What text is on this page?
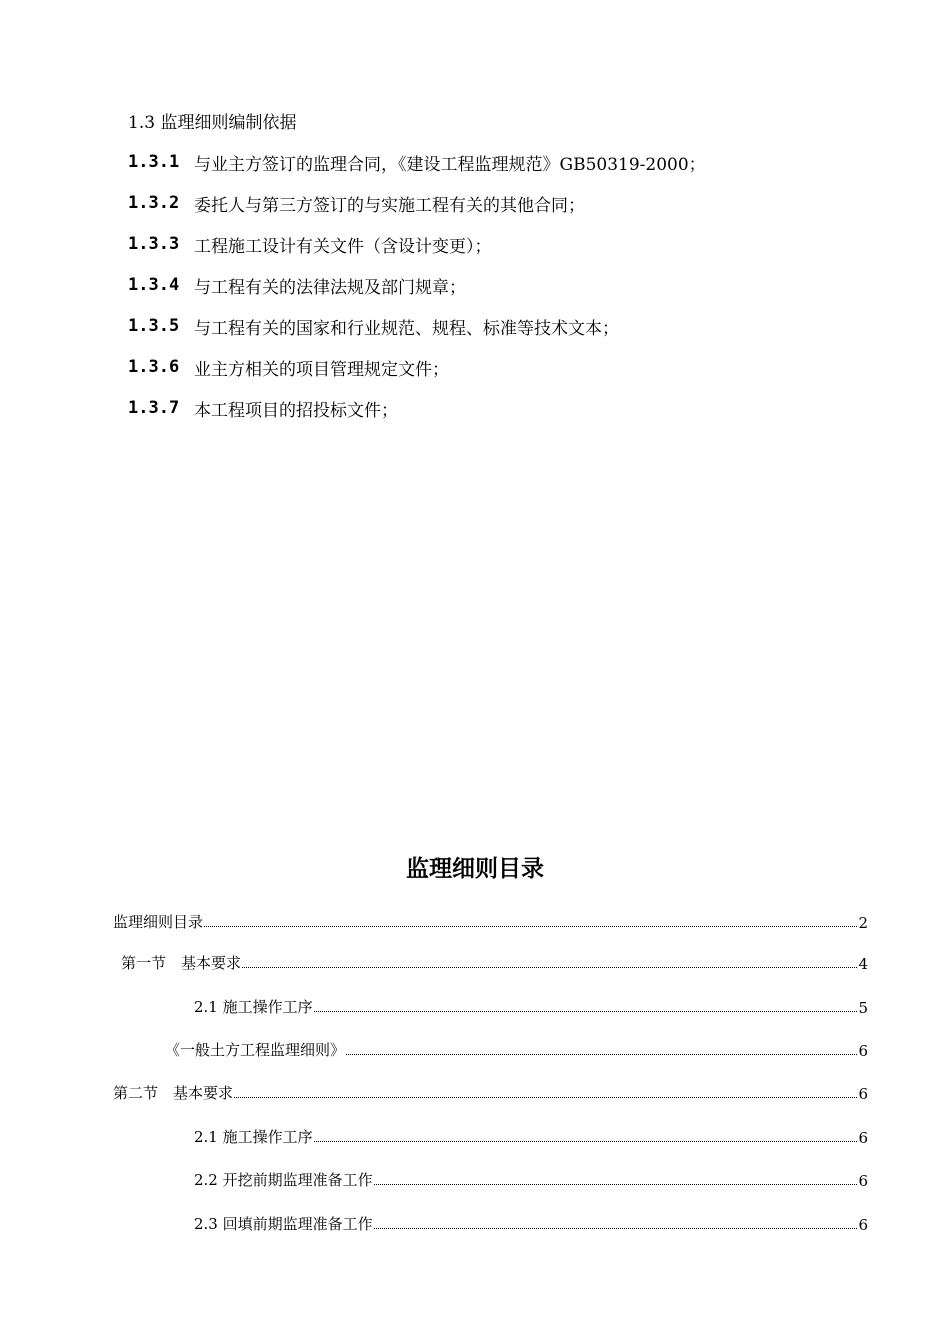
1.3 监理细则编制依据
1.3.1 与业主方签订的监理合同，《建设工程监理规范》GB50319-2000；
1.3.2 委托人与第三方签订的与实施工程有关的其他合同；
1.3.3 工程施工设计有关文件（含设计变更）；
1.3.4 与工程有关的法律法规及部门规章；
1.3.5 与工程有关的国家和行业规范、规程、标准等技术文本；
1.3.6 业主方相关的项目管理规定文件；
1.3.7 本工程项目的招投标文件；
监理细则目录
监理细则目录	2
第一节　基本要求	4
2.1 施工操作工序	5
《一般土方工程监理细则》	6
第二节　基本要求	6
2.1 施工操作工序	6
2.2 开挖前期监理准备工作	6
2.3 回填前期监理准备工作	6
